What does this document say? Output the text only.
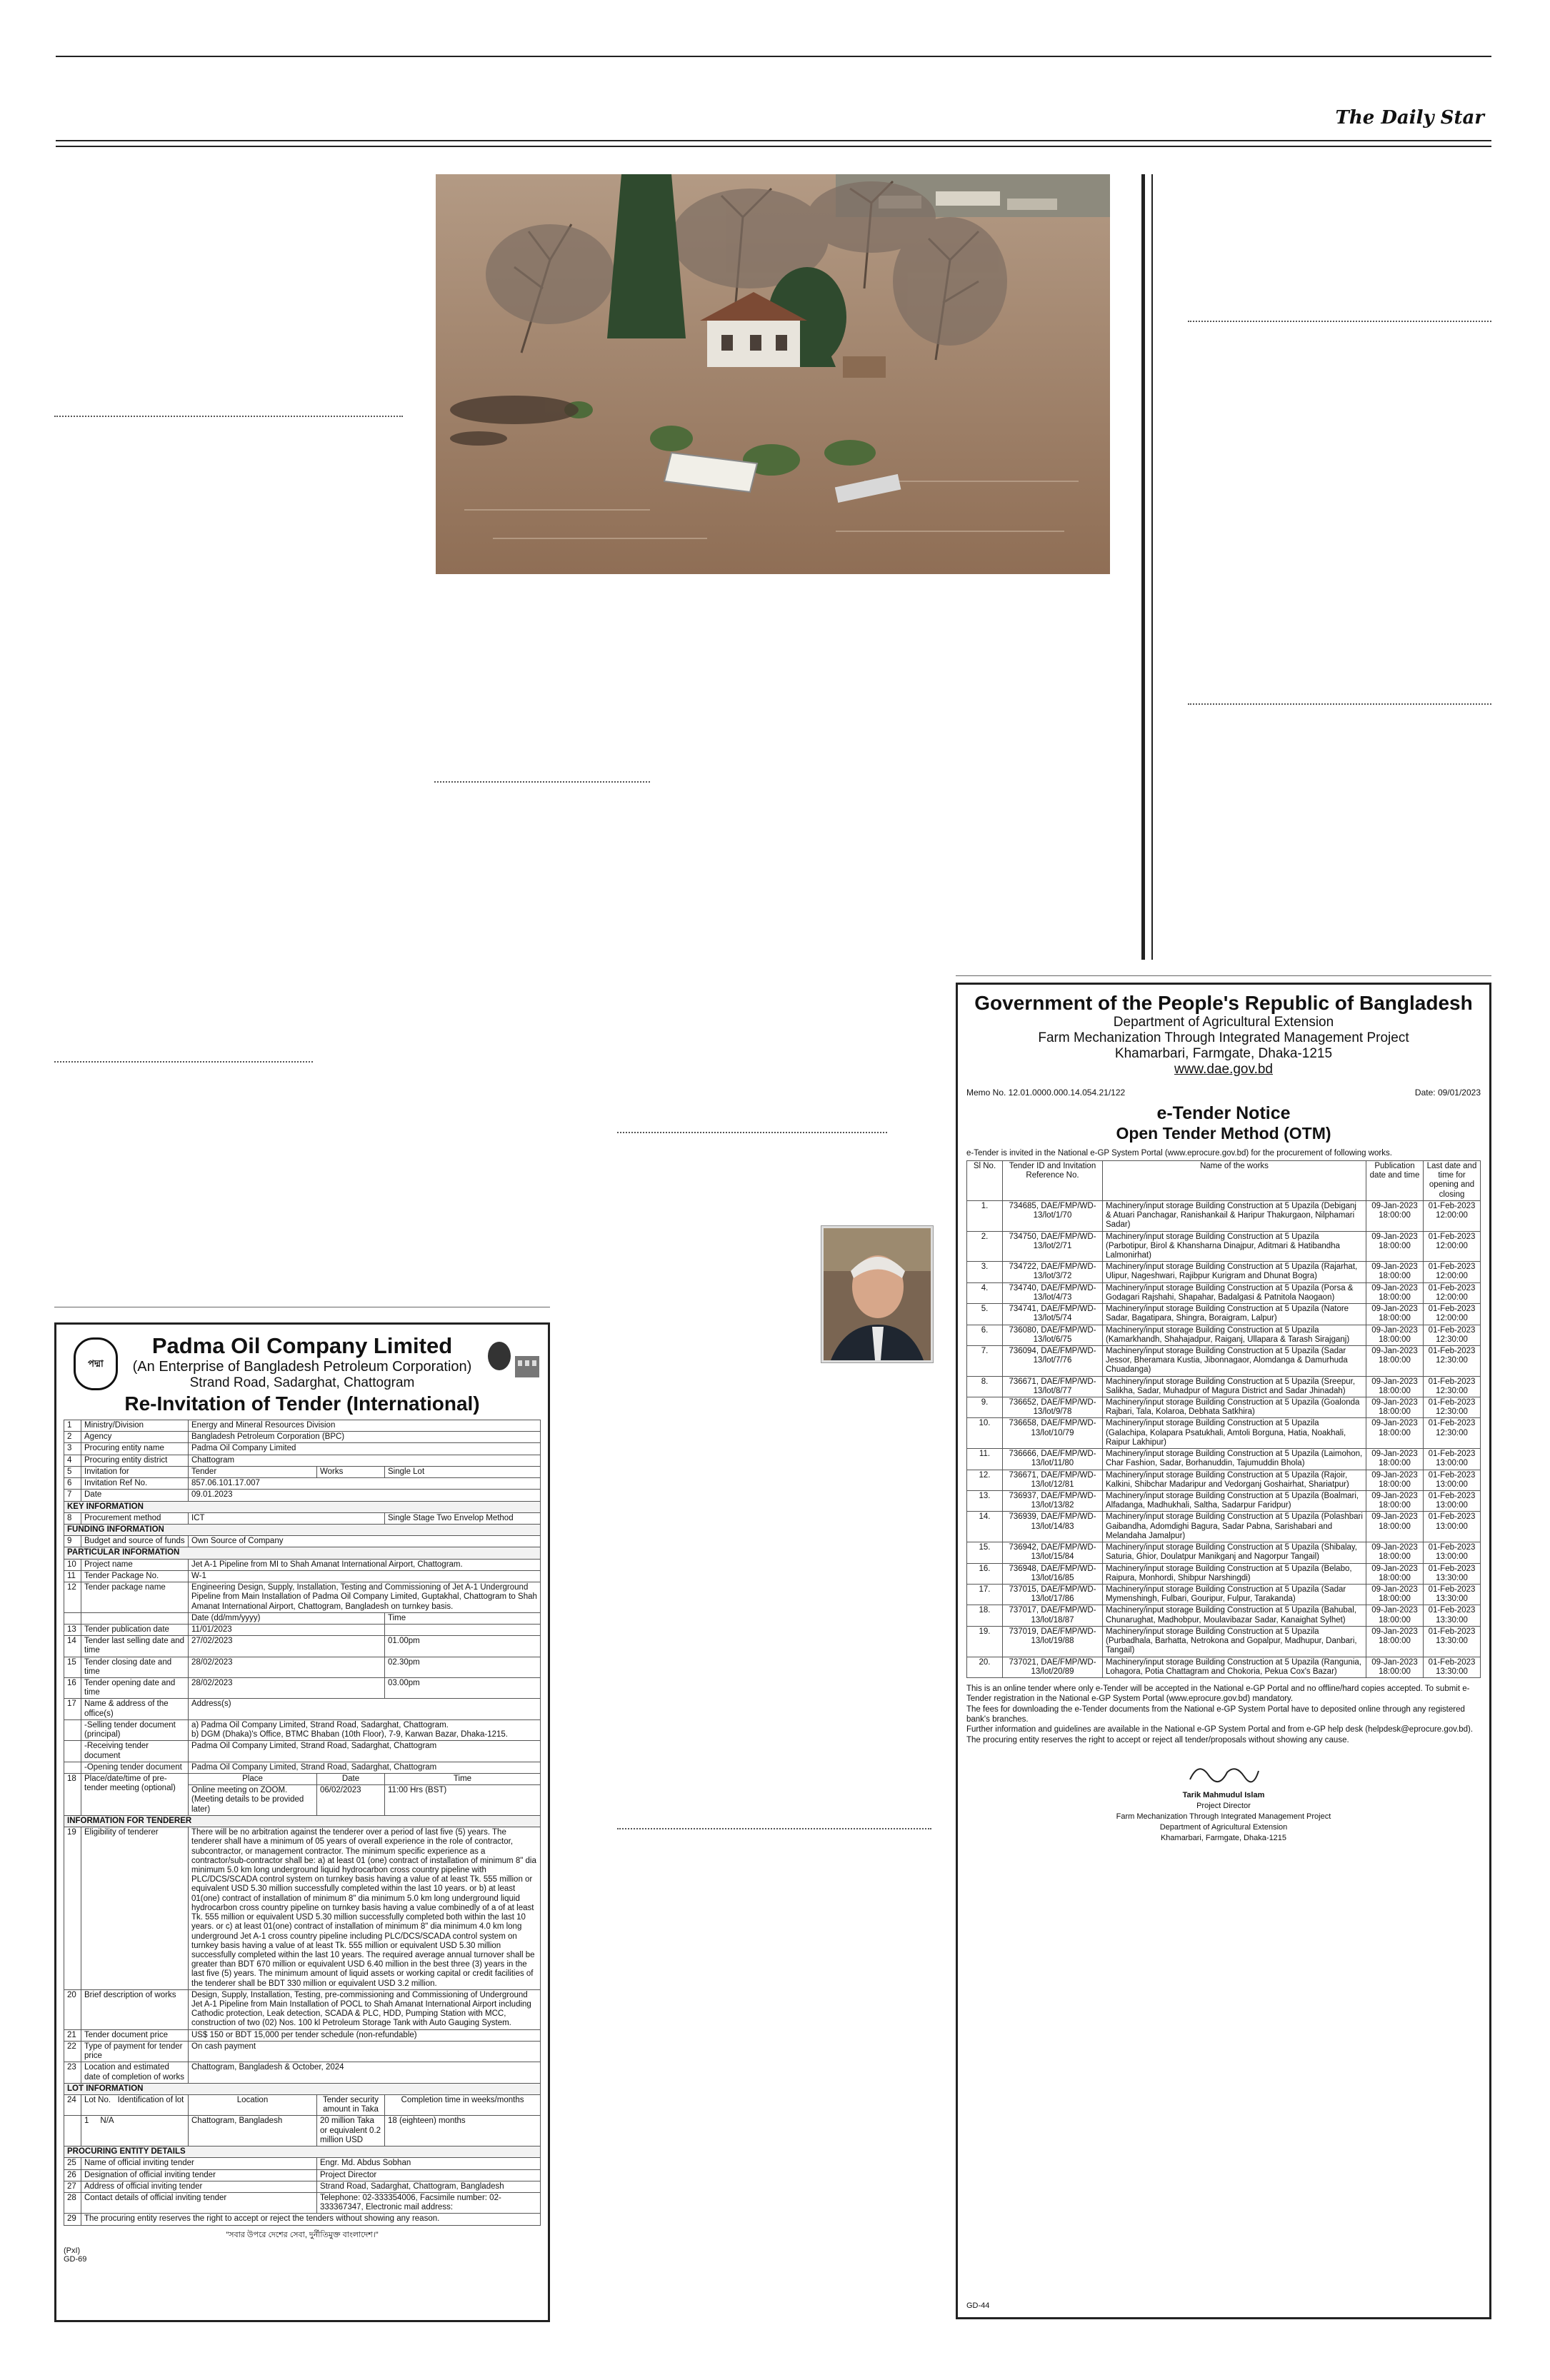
The Daily Star
পদ্মা
Padma Oil Company Limited
(An Enterprise of Bangladesh Petroleum Corporation)
Strand Road, Sadarghat, Chattogram
Re-Invitation of Tender (International)
1	Ministry/Division	Energy and Mineral Resources Division		
2	Agency	Bangladesh Petroleum Corporation (BPC)		
3	Procuring entity name	Padma Oil Company Limited		
4	Procuring entity district	Chattogram		
5	Invitation for	Tender	Works	Single Lot
6	Invitation Ref No.	857.06.101.17.007		
7	Date	09.01.2023		
KEY INFORMATION				
8	Procurement method	ICT		Single Stage Two Envelop Method
FUNDING INFORMATION				
9	Budget and source of funds	Own Source of Company		
PARTICULAR INFORMATION				
10	Project name	Jet A-1 Pipeline from MI to Shah Amanat International Airport, Chattogram.		
11	Tender Package No.	W-1		
12	Tender package name	Engineering Design, Supply, Installation, Testing and Commissioning of Jet A-1 Underground Pipeline from Main Installation of Padma Oil Company Limited, Guptakhal, Chattogram to Shah Amanat International Airport, Chattogram, Bangladesh on turnkey basis.		
		Date (dd/mm/yyyy)		Time
13	Tender publication date	11/01/2023		
14	Tender last selling date and time	27/02/2023		01.00pm
15	Tender closing date and time	28/02/2023		02.30pm
16	Tender opening date and time	28/02/2023		03.00pm
17	Name & address of the office(s)	Address(s)		
	-Selling tender document (principal)	a) Padma Oil Company Limited, Strand Road, Sadarghat, Chattogram.
b) DGM (Dhaka)'s Office, BTMC Bhaban (10th Floor), 7-9, Karwan Bazar, Dhaka-1215.		

	-Receiving tender document	Padma Oil Company Limited, Strand Road, Sadarghat, Chattogram		
	-Opening tender document	Padma Oil Company Limited, Strand Road, Sadarghat, Chattogram		
18	Place/date/time of pre-tender meeting (optional)	Place	Date	Time
		Online meeting on ZOOM. (Meeting details to be provided later)	06/02/2023	11:00 Hrs (BST)
INFORMATION FOR TENDERER				
19	Eligibility of tenderer	There will be no arbitration against the tenderer over a period of last five (5) years. The tenderer shall have a minimum of 05 years of overall experience in the role of contractor, subcontractor, or management contractor. The minimum specific experience as a contractor/sub-contractor shall be: a) at least 01 (one) contract of installation of minimum 8" dia minimum 5.0 km long underground liquid hydrocarbon cross country pipeline with PLC/DCS/SCADA control system on turnkey basis having a value of at least Tk. 555 million or equivalent USD 5.30 million successfully completed within the last 10 years. or b) at least 01(one) contract of installation of minimum 8" dia minimum 5.0 km long underground liquid hydrocarbon cross country pipeline on turnkey basis having a value combinedly of a of at least Tk. 555 million or equivalent USD 5.30 million successfully completed both within the last 10 years. or c) at least 01(one) contract of installation of minimum 8" dia minimum 4.0 km long underground Jet A-1 cross country pipeline including PLC/DCS/SCADA control system on turnkey basis having a value of at least Tk. 555 million or equivalent USD 5.30 million successfully completed within the last 10 years. The required average annual turnover shall be greater than BDT 670 million or equivalent USD 6.40 million in the best three (3) years in the last five (5) years. The minimum amount of liquid assets or working capital or credit facilities of the tenderer shall be BDT 330 million or equivalent USD 3.2 million.		
20	Brief description of works	Design, Supply, Installation, Testing, pre-commissioning and Commissioning of Underground Jet A-1 Pipeline from Main Installation of POCL to Shah Amanat International Airport including Cathodic protection, Leak detection, SCADA & PLC, HDD, Pumping Station with MCC, construction of two (02) Nos. 100 kl Petroleum Storage Tank with Auto Gauging System.		
21	Tender document price	US$ 150 or BDT 15,000 per tender schedule (non-refundable)		
22	Type of payment for tender price	On cash payment		
23	Location and estimated date of completion of works	Chattogram, Bangladesh & October, 2024		
LOT INFORMATION				
24	Lot No. Identification of lot	Location	Tender security amount in Taka	Completion time in weeks/months
	1 N/A	Chattogram, Bangladesh	20 million Taka or equivalent 0.2 million USD	18 (eighteen) months
PROCURING ENTITY DETAILS				
25	Name of official inviting tender		Engr. Md. Abdus Sobhan	
26	Designation of official inviting tender		Project Director	
27	Address of official inviting tender		Strand Road, Sadarghat, Chattogram, Bangladesh	
28	Contact details of official inviting tender		Telephone: 02-333354006, Facsimile number: 02-333367347, Electronic mail address:	
29	The procuring entity reserves the right to accept or reject the tenders without showing any reason.			
"সবার উপরে দেশের সেবা, দুর্নীতিমুক্ত বাংলাদেশ।"
(PxI)
GD-69
Government of the People's Republic of Bangladesh
Department of Agricultural Extension
Farm Mechanization Through Integrated Management Project
Khamarbari, Farmgate, Dhaka-1215
www.dae.gov.bd
Memo No. 12.01.0000.000.14.054.21/122	Date: 09/01/2023
e-Tender Notice
Open Tender Method (OTM)
e-Tender is invited in the National e-GP System Portal (www.eprocure.gov.bd) for the procurement of following works.
Sl No.	Tender ID and Invitation Reference No.	Name of the works	Publication date and time	Last date and time for opening and closing
1.	734685, DAE/FMP/WD-13/lot/1/70	Machinery/input storage Building Construction at 5 Upazila (Debiganj & Atuari Panchagar, Ranishankail & Haripur Thakurgaon, Nilphamari Sadar)	09-Jan-2023 18:00:00	01-Feb-2023 12:00:00
2.	734750, DAE/FMP/WD-13/lot/2/71	Machinery/input storage Building Construction at 5 Upazila (Parbotipur, Birol & Khansharna Dinajpur, Aditmari & Hatibandha Lalmonirhat)	09-Jan-2023 18:00:00	01-Feb-2023 12:00:00
3.	734722, DAE/FMP/WD-13/lot/3/72	Machinery/input storage Building Construction at 5 Upazila (Rajarhat, Ulipur, Nageshwari, Rajibpur Kurigram and Dhunat Bogra)	09-Jan-2023 18:00:00	01-Feb-2023 12:00:00
4.	734740, DAE/FMP/WD-13/lot/4/73	Machinery/input storage Building Construction at 5 Upazila (Porsa & Godagari Rajshahi, Shapahar, Badalgasi & Patnitola Naogaon)	09-Jan-2023 18:00:00	01-Feb-2023 12:00:00
5.	734741, DAE/FMP/WD-13/lot/5/74	Machinery/input storage Building Construction at 5 Upazila (Natore Sadar, Bagatipara, Shingra, Boraigram, Lalpur)	09-Jan-2023 18:00:00	01-Feb-2023 12:00:00
6.	736080, DAE/FMP/WD-13/lot/6/75	Machinery/input storage Building Construction at 5 Upazila (Kamarkhandh, Shahajadpur, Raiganj, Ullapara & Tarash Sirajganj)	09-Jan-2023 18:00:00	01-Feb-2023 12:30:00
7.	736094, DAE/FMP/WD-13/lot/7/76	Machinery/input storage Building Construction at 5 Upazila (Sadar Jessor, Bheramara Kustia, Jibonnagaor, Alomdanga & Damurhuda Chuadanga)	09-Jan-2023 18:00:00	01-Feb-2023 12:30:00
8.	736671, DAE/FMP/WD-13/lot/8/77	Machinery/input storage Building Construction at 5 Upazila (Sreepur, Salikha, Sadar, Muhadpur of Magura District and Sadar Jhinadah)	09-Jan-2023 18:00:00	01-Feb-2023 12:30:00
9.	736652, DAE/FMP/WD-13/lot/9/78	Machinery/input storage Building Construction at 5 Upazila (Goalonda Rajbari, Tala, Kolaroa, Debhata Satkhira)	09-Jan-2023 18:00:00	01-Feb-2023 12:30:00
10.	736658, DAE/FMP/WD-13/lot/10/79	Machinery/input storage Building Construction at 5 Upazila (Galachipa, Kolapara Psatukhali, Amtoli Borguna, Hatia, Noakhali, Raipur Lakhipur)	09-Jan-2023 18:00:00	01-Feb-2023 12:30:00
11.	736666, DAE/FMP/WD-13/lot/11/80	Machinery/input storage Building Construction at 5 Upazila (Laimohon, Char Fashion, Sadar, Borhanuddin, Tajumuddin Bhola)	09-Jan-2023 18:00:00	01-Feb-2023 13:00:00
12.	736671, DAE/FMP/WD-13/lot/12/81	Machinery/input storage Building Construction at 5 Upazila (Rajoir, Kalkini, Shibchar Madaripur and Vedorganj Goshairhat, Shariatpur)	09-Jan-2023 18:00:00	01-Feb-2023 13:00:00
13.	736937, DAE/FMP/WD-13/lot/13/82	Machinery/input storage Building Construction at 5 Upazila (Boalmari, Alfadanga, Madhukhali, Saltha, Sadarpur Faridpur)	09-Jan-2023 18:00:00	01-Feb-2023 13:00:00
14.	736939, DAE/FMP/WD-13/lot/14/83	Machinery/input storage Building Construction at 5 Upazila (Polashbari Gaibandha, Adomdighi Bagura, Sadar Pabna, Sarishabari and Melandaha Jamalpur)	09-Jan-2023 18:00:00	01-Feb-2023 13:00:00
15.	736942, DAE/FMP/WD-13/lot/15/84	Machinery/input storage Building Construction at 5 Upazila (Shibalay, Saturia, Ghior, Doulatpur Manikganj and Nagorpur Tangail)	09-Jan-2023 18:00:00	01-Feb-2023 13:00:00
16.	736948, DAE/FMP/WD-13/lot/16/85	Machinery/input storage Building Construction at 5 Upazila (Belabo, Raipura, Monhordi, Shibpur Narshingdi)	09-Jan-2023 18:00:00	01-Feb-2023 13:30:00
17.	737015, DAE/FMP/WD-13/lot/17/86	Machinery/input storage Building Construction at 5 Upazila (Sadar Mymenshingh, Fulbari, Gouripur, Fulpur, Tarakanda)	09-Jan-2023 18:00:00	01-Feb-2023 13:30:00
18.	737017, DAE/FMP/WD-13/lot/18/87	Machinery/input storage Building Construction at 5 Upazila (Bahubal, Chunarughat, Madhobpur, Moulavibazar Sadar, Kanaighat Sylhet)	09-Jan-2023 18:00:00	01-Feb-2023 13:30:00
19.	737019, DAE/FMP/WD-13/lot/19/88	Machinery/input storage Building Construction at 5 Upazila (Purbadhala, Barhatta, Netrokona and Gopalpur, Madhupur, Danbari, Tangail)	09-Jan-2023 18:00:00	01-Feb-2023 13:30:00
20.	737021, DAE/FMP/WD-13/lot/20/89	Machinery/input storage Building Construction at 5 Upazila (Rangunia, Lohagora, Potia Chattagram and Chokoria, Pekua Cox's Bazar)	09-Jan-2023 18:00:00	01-Feb-2023 13:30:00
This is an online tender where only e-Tender will be accepted in the National e-GP Portal and no offline/hard copies accepted. To submit e-Tender registration in the National e-GP System Portal (www.eprocure.gov.bd) mandatory.
The fees for downloading the e-Tender documents from the National e-GP System Portal have to deposited online through any registered bank's branches.
Further information and guidelines are available in the National e-GP System Portal and from e-GP help desk (helpdesk@eprocure.gov.bd).
The procuring entity reserves the right to accept or reject all tender/proposals without showing any cause.
Tarik Mahmudul Islam
Project Director
Farm Mechanization Through Integrated Management Project
Department of Agricultural Extension
Khamarbari, Farmgate, Dhaka-1215
GD-44
